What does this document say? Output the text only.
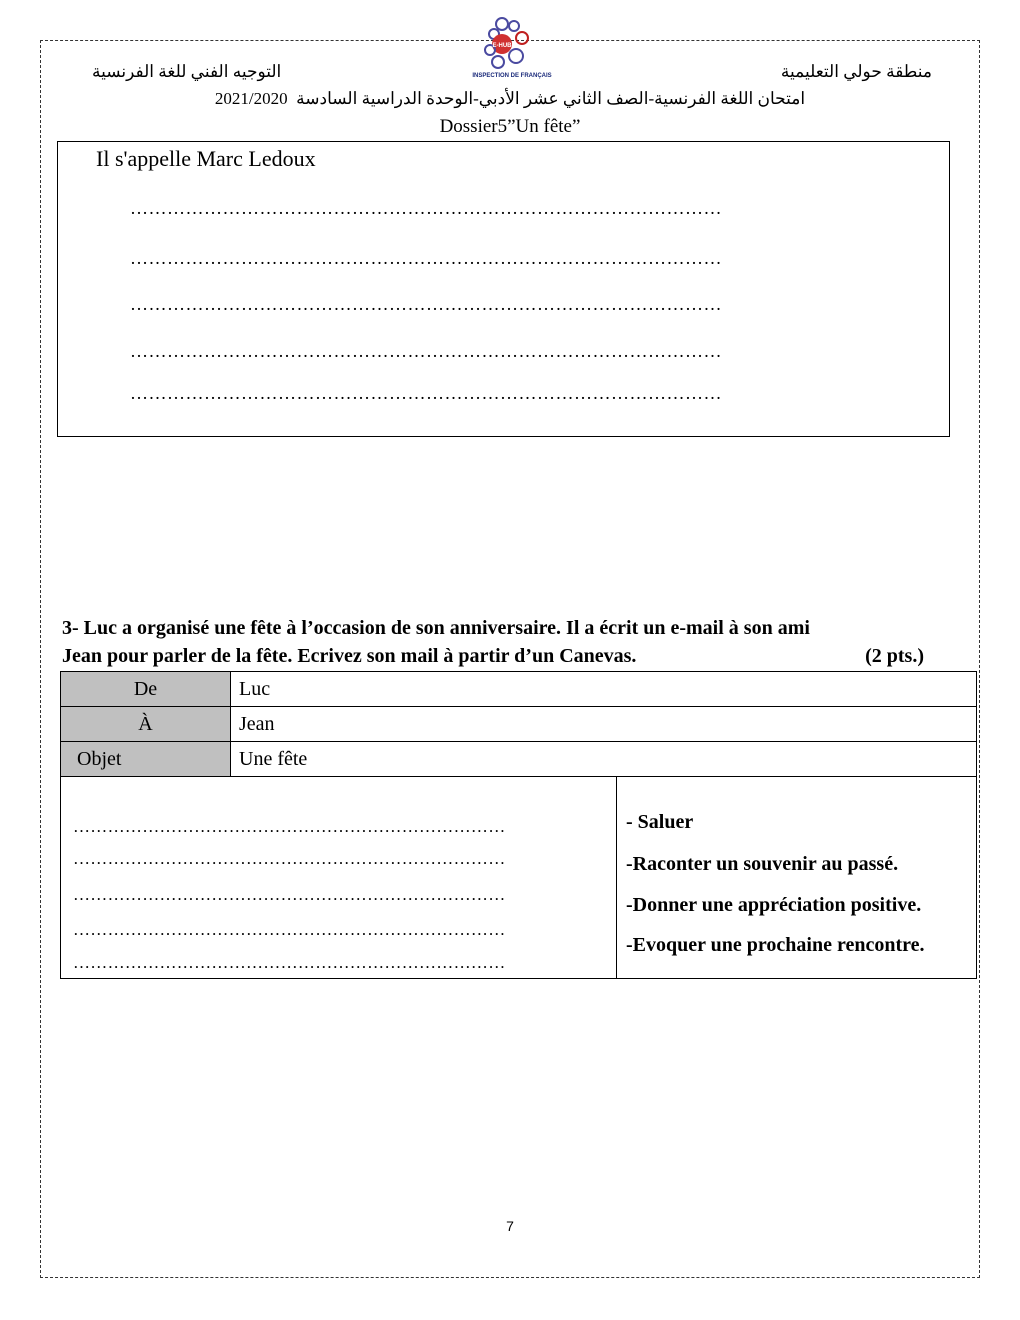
E-HUB
INSPECTION DE FRANÇAIS	منطقة حولي التعليمية
التوجيه الفني للغة الفرنسية
2021/2020 امتحان اللغة الفرنسية-الصف الثاني عشر الأدبي-الوحدة الدراسية السادسة
Dossier5”Un fête”
Il s'appelle Marc Ledoux
……………………………………………………………………………………
……………………………………………………………………………………
……………………………………………………………………………………
……………………………………………………………………………………
……………………………………………………………………………………
3- Luc a organisé une fête à l’occasion de son anniversaire. Il a écrit un e-mail à son ami
Jean pour parler de la fête. Ecrivez son mail à partir d’un Canevas.	(2 pts.)
De	Luc
À	Jean
Objet	Une fête
…………………………………………………………………
…………………………………………………………………
…………………………………………………………………
…………………………………………………………………
…………………………………………………………………
- Saluer
-Raconter un souvenir au passé.
-Donner une appréciation positive.
-Evoquer une prochaine rencontre.
7
